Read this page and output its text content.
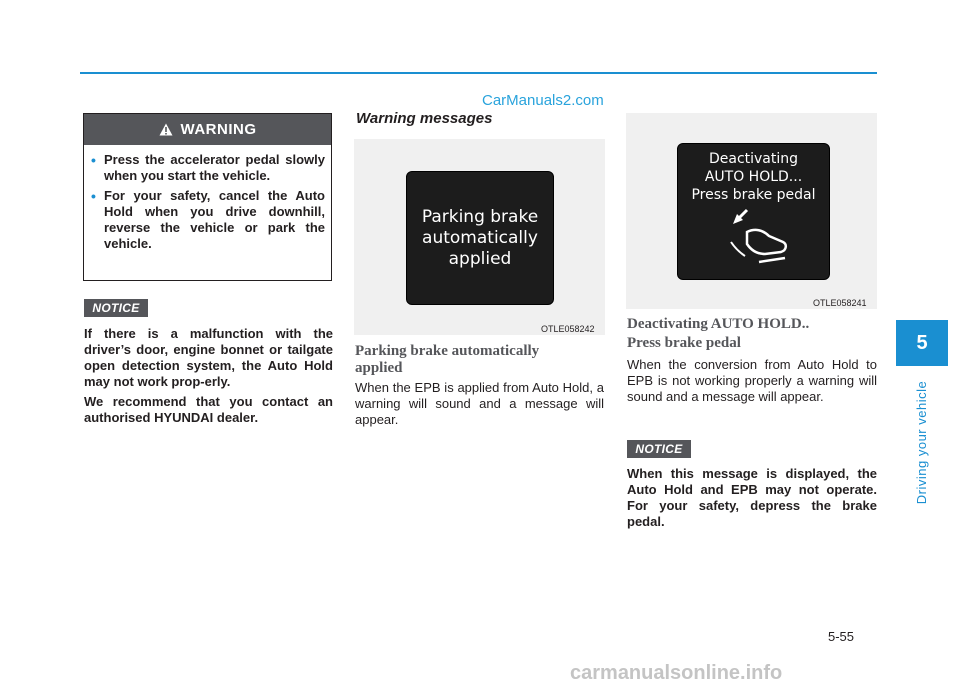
CarManuals2.com
5
Driving your vehicle
WARNING
• Press the accelerator pedal slowly when you start the vehicle.
• For your safety, cancel the Auto Hold when you drive downhill, reverse the vehicle or park the vehicle.
NOTICE

If there is a malfunction with the driver’s door, engine bonnet or tailgate open detection system, the Auto Hold may not work prop-erly.

We recommend that you contact an authorised HYUNDAI dealer.

Warning messages
Parking brake
automatically
applied
OTLE058242
Parking brake automatically applied

When the EPB is applied from Auto Hold, a warning will sound and a message will appear.

Deactivating
AUTO HOLD...
Press brake pedal
OTLE058241
Deactivating AUTO HOLD..
Press brake pedal

When the conversion from Auto Hold to EPB is not working properly a warning will sound and a message will appear.

NOTICE

When this message is displayed, the Auto Hold and EPB may not operate. For your safety, depress the brake pedal.

5-55
carmanualsonline.info
